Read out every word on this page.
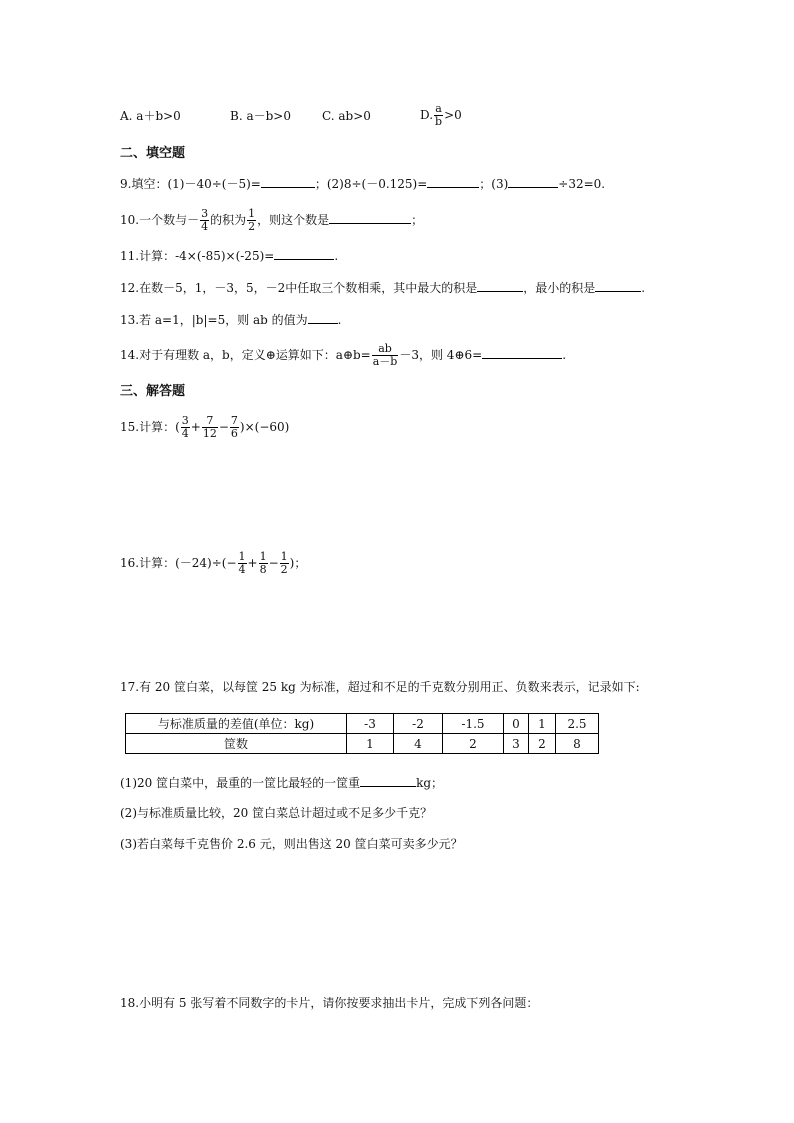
A. a＋b>0	B. a－b>0	C. ab>0	D. $\frac{a}{b} >0$
二、填空题
9.填空：(1)－40÷(－5)=	；(2)8÷(－0.125)=	；(3)	÷32=0.
10.一个数与－ $\frac{3}{4}$ 的积为 $\frac{1}{2}$ ，则这个数是	；
11.计算：-4×(-85)×(-25)=	.
12.在数－5，1，－3，5，－2中任取三个数相乘，其中最大的积是	，最小的积是	.
13.若 a=1，|b|=5，则 ab 的值为	.
14.对于有理数 a，b，定义⊕运算如下：a⊕b= $\frac{ab}{a-b} -3$，则 4⊕6=	.
三、解答题
15.计算：( $\frac{3}{4} + \frac{7}{12} - \frac{7}{6} )\times(-60)$
16.计算：$(-24)\div(- \frac{1}{4} + \frac{1}{8} - \frac{1}{2}$ )；
17.有 20 筐白菜，以每筐 25 kg 为标准，超过和不足的千克数分别用正、负数来表示，记录如下:
与标准质量的差值(单位：kg)	-3	-2	-1.5	0	1	2.5
筐数	1	4	2	3	2	8
(1)20 筐白菜中，最重的一筐比最轻的一筐重	kg；
(2)与标准质量比较，20 筐白菜总计超过或不足多少千克？
(3)若白菜每千克售价 2.6 元，则出售这 20 筐白菜可卖多少元？
18.小明有 5 张写着不同数字的卡片，请你按要求抽出卡片，完成下列各问题：
